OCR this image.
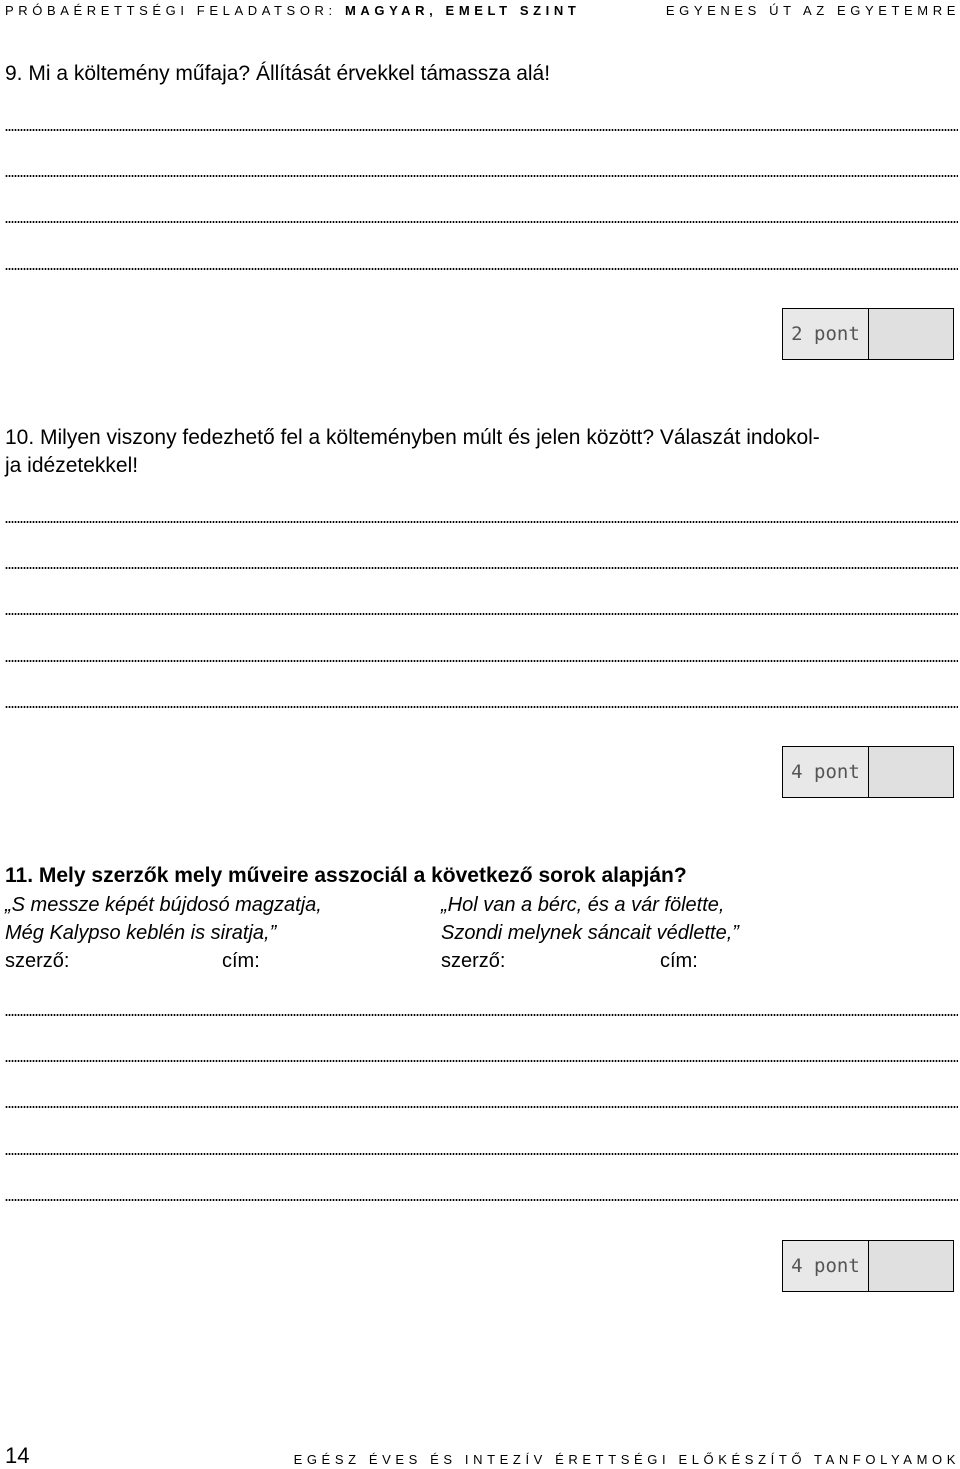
PRÓBAÉRETTSÉGI FELADATSOR: MAGYAR, EMELT SZINT	EGYENES ÚT AZ EGYETEMRE
9. Mi a költemény műfaja? Állítását érvekkel támassza alá!
2 pont
10. Milyen viszony fedezhető fel a költeményben múlt és jelen között? Válaszát indokol-
ja idézetekkel!
4 pont
11. Mely szerzők mely műveire asszociál a következő sorok alapján?
„S messze képét bújdosó magzatja,
Még Kalypso keblén is siratja,”
„Hol van a bérc, és a vár fölette,
Szondi melynek sáncait védlette,”
szerző:	cím:	szerző:	cím:
4 pont
14	EGÉSZ ÉVES ÉS INTEZÍV ÉRETTSÉGI ELŐKÉSZÍTŐ TANFOLYAMOK
